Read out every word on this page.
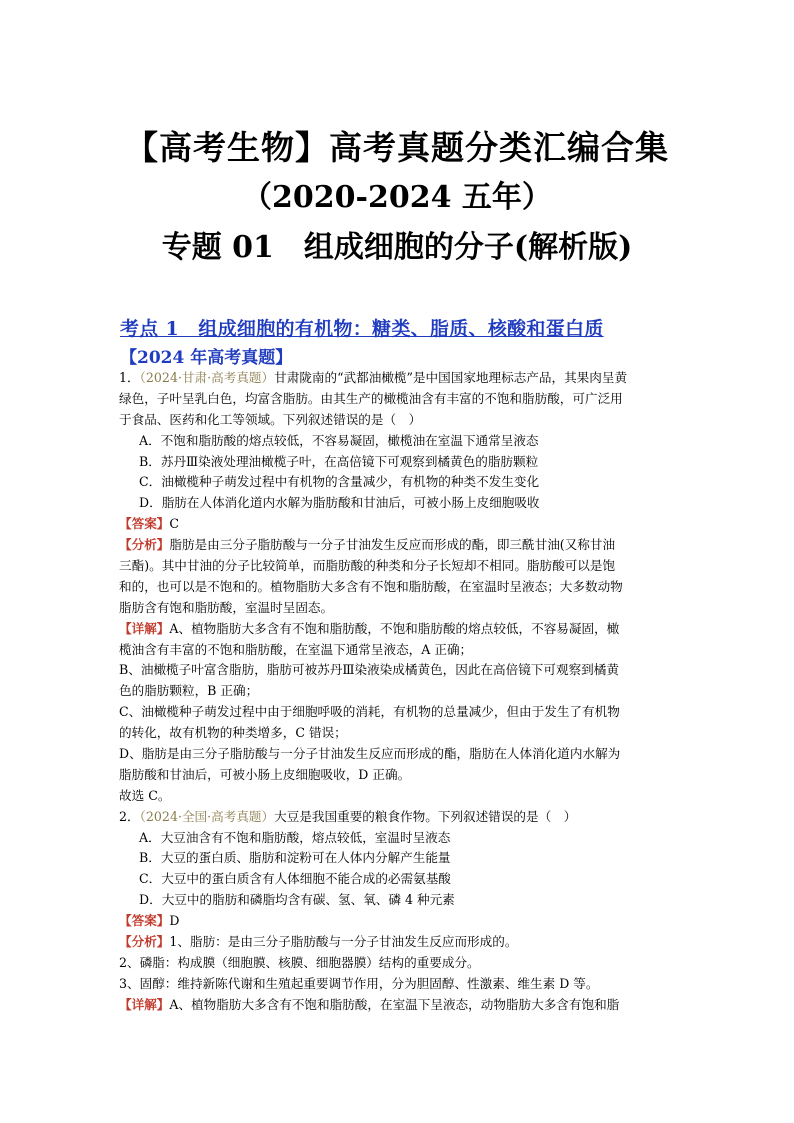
【高考生物】高考真题分类汇编合集
（2020-2024 五年）
专题 01　组成细胞的分子(解析版)
考点 1　组成细胞的有机物：糖类、脂质、核酸和蛋白质
【2024 年高考真题】
1．（2024·甘肃·高考真题）甘肃陇南的“武都油橄榄”是中国国家地理标志产品，其果肉呈黄
绿色，子叶呈乳白色，均富含脂肪。由其生产的橄榄油含有丰富的不饱和脂肪酸，可广泛用
于食品、医药和化工等领域。下列叙述错误的是（　）
A．不饱和脂肪酸的熔点较低，不容易凝固，橄榄油在室温下通常呈液态
B．苏丹Ⅲ染液处理油橄榄子叶，在高倍镜下可观察到橘黄色的脂肪颗粒
C．油橄榄种子萌发过程中有机物的含量减少，有机物的种类不发生变化
D．脂肪在人体消化道内水解为脂肪酸和甘油后，可被小肠上皮细胞吸收
【答案】C
【分析】脂肪是由三分子脂肪酸与一分子甘油发生反应而形成的酯，即三酰甘油(又称甘油
三酯)。其中甘油的分子比较简单，而脂肪酸的种类和分子长短却不相同。脂肪酸可以是饱
和的，也可以是不饱和的。植物脂肪大多含有不饱和脂肪酸，在室温时呈液态；大多数动物
脂肪含有饱和脂肪酸，室温时呈固态。
【详解】A、植物脂肪大多含有不饱和脂肪酸，不饱和脂肪酸的熔点较低，不容易凝固，橄
榄油含有丰富的不饱和脂肪酸，在室温下通常呈液态，A 正确；
B、油橄榄子叶富含脂肪，脂肪可被苏丹Ⅲ染液染成橘黄色，因此在高倍镜下可观察到橘黄
色的脂肪颗粒，B 正确；
C、油橄榄种子萌发过程中由于细胞呼吸的消耗，有机物的总量减少，但由于发生了有机物
的转化，故有机物的种类增多，C 错误；
D、脂肪是由三分子脂肪酸与一分子甘油发生反应而形成的酯，脂肪在人体消化道内水解为
脂肪酸和甘油后，可被小肠上皮细胞吸收，D 正确。
故选 C。
2．（2024·全国·高考真题）大豆是我国重要的粮食作物。下列叙述错误的是（　）
A．大豆油含有不饱和脂肪酸，熔点较低，室温时呈液态
B．大豆的蛋白质、脂肪和淀粉可在人体内分解产生能量
C．大豆中的蛋白质含有人体细胞不能合成的必需氨基酸
D．大豆中的脂肪和磷脂均含有碳、氢、氧、磷 4 种元素
【答案】D
【分析】1、脂肪：是由三分子脂肪酸与一分子甘油发生反应而形成的。
2、磷脂：构成膜（细胞膜、核膜、细胞器膜）结构的重要成分。
3、固醇：维持新陈代谢和生殖起重要调节作用，分为胆固醇、性激素、维生素 D 等。
【详解】A、植物脂肪大多含有不饱和脂肪酸，在室温下呈液态，动物脂肪大多含有饱和脂
